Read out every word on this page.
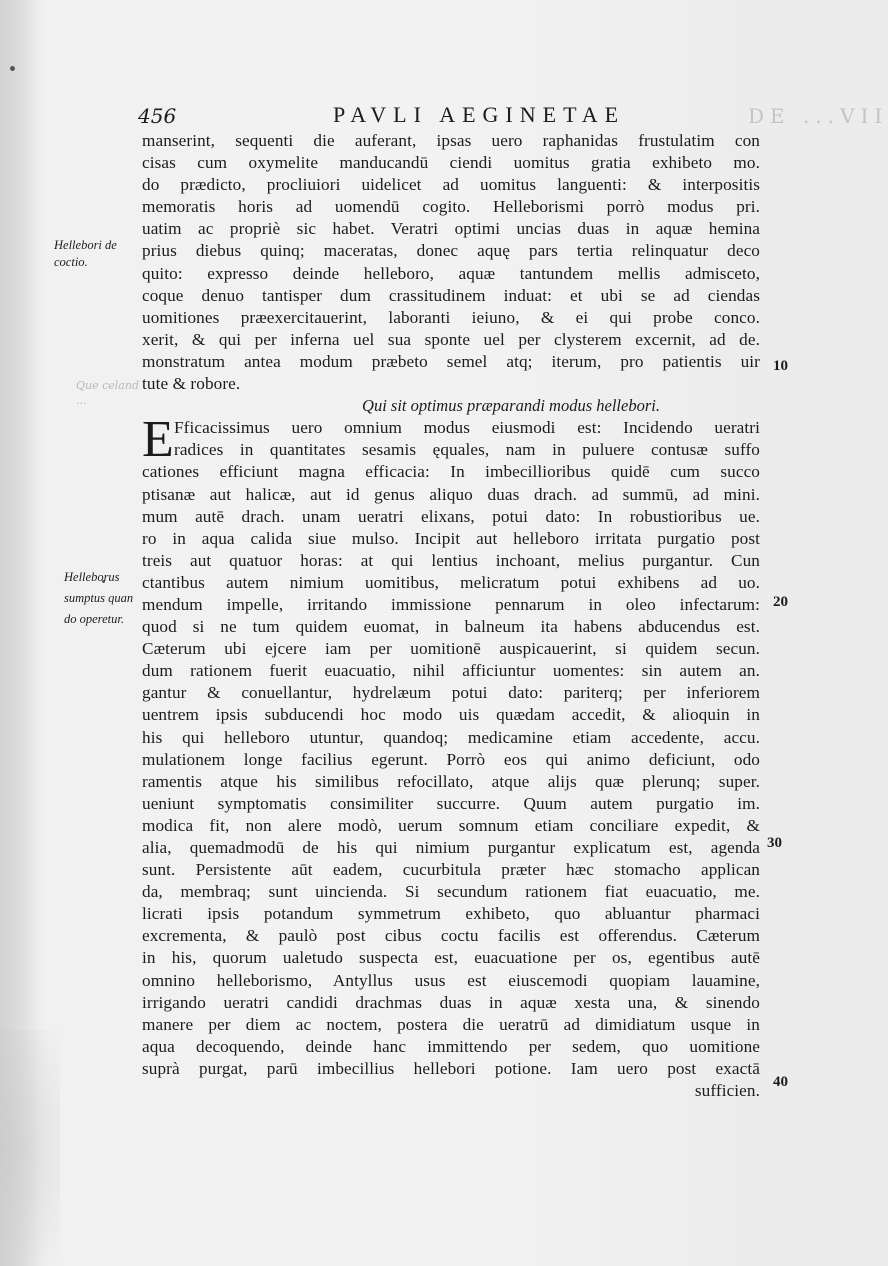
456	PAVLI AEGINETAE	DE ...VII
Hellebori de
coctio.
Que celand
...
Helleborus
sumptus quan
do operetur.
10
20
30
40
manserint, sequenti die auferant, ipsas uero raphanidas frustulatim con
cisas cum oxymelite manducandū ciendi uomitus gratia exhibeto mo.
do prædicto, procliuiori uidelicet ad uomitus languenti: & interpositis
memoratis horis ad uomendū cogito. Helleborismi porrò modus pri.
uatim ac propriè sic habet. Veratri optimi uncias duas in aquæ hemina
prius diebus quinq; maceratas, donec aquę pars tertia relinquatur deco
quito: expresso deinde helleboro, aquæ tantundem mellis admisceto,
coque denuo tantisper dum crassitudinem induat: et ubi se ad ciendas
uomitiones præexercitauerint, laboranti ieiuno, & ei qui probe conco.
xerit, & qui per inferna uel sua sponte uel per clysterem excernit, ad de.
monstratum antea modum præbeto semel atq; iterum, pro patientis uir
tute & robore.
Qui sit optimus præparandi modus hellebori.
E Fficacissimus uero omnium modus eiusmodi est: Incidendo ueratri
radices in quantitates sesamis ęquales, nam in puluere contusæ suffo
cationes efficiunt magna efficacia: In imbecillioribus quidē cum succo
ptisanæ aut halicæ, aut id genus aliquo duas drach. ad summū, ad mini.
mum autē drach. unam ueratri elixans, potui dato: In robustioribus ue.
ro in aqua calida siue mulso. Incipit aut helleboro irritata purgatio post
treis aut quatuor horas: at qui lentius inchoant, melius purgantur. Cun
ctantibus autem nimium uomitibus, melicratum potui exhibens ad uo.
mendum impelle, irritando immissione pennarum in oleo infectarum:
quod si ne tum quidem euomat, in balneum ita habens abducendus est.
Cæterum ubi ejcere iam per uomitionē auspicauerint, si quidem secun.
dum rationem fuerit euacuatio, nihil afficiuntur uomentes: sin autem an.
gantur & conuellantur, hydrelæum potui dato: pariterq; per inferiorem
uentrem ipsis subducendi hoc modo uis quædam accedit, & alioquin in
his qui helleboro utuntur, quandoq; medicamine etiam accedente, accu.
mulationem longe facilius egerunt. Porrò eos qui animo deficiunt, odo
ramentis atque his similibus refocillato, atque alijs quæ plerunq; super.
ueniunt symptomatis consimiliter succurre. Quum autem purgatio im.
modica fit, non alere modò, uerum somnum etiam conciliare expedit, &
alia, quemadmodū de his qui nimium purgantur explicatum est, agenda
sunt. Persistente aūt eadem, cucurbitula præter hæc stomacho applican
da, membraq; sunt uincienda. Si secundum rationem fiat euacuatio, me.
licrati ipsis potandum symmetrum exhibeto, quo abluantur pharmaci
excrementa, & paulò post cibus coctu facilis est offerendus. Cæterum
in his, quorum ualetudo suspecta est, euacuatione per os, egentibus autē
omnino helleborismo, Antyllus usus est eiuscemodi quopiam lauamine,
irrigando ueratri candidi drachmas duas in aquæ xesta una, & sinendo
manere per diem ac noctem, postera die ueratrū ad dimidiatum usque in
aqua decoquendo, deinde hanc immittendo per sedem, quo uomitione
suprà purgat, parū imbecillius hellebori potione. Iam uero post exactā
sufficien.
